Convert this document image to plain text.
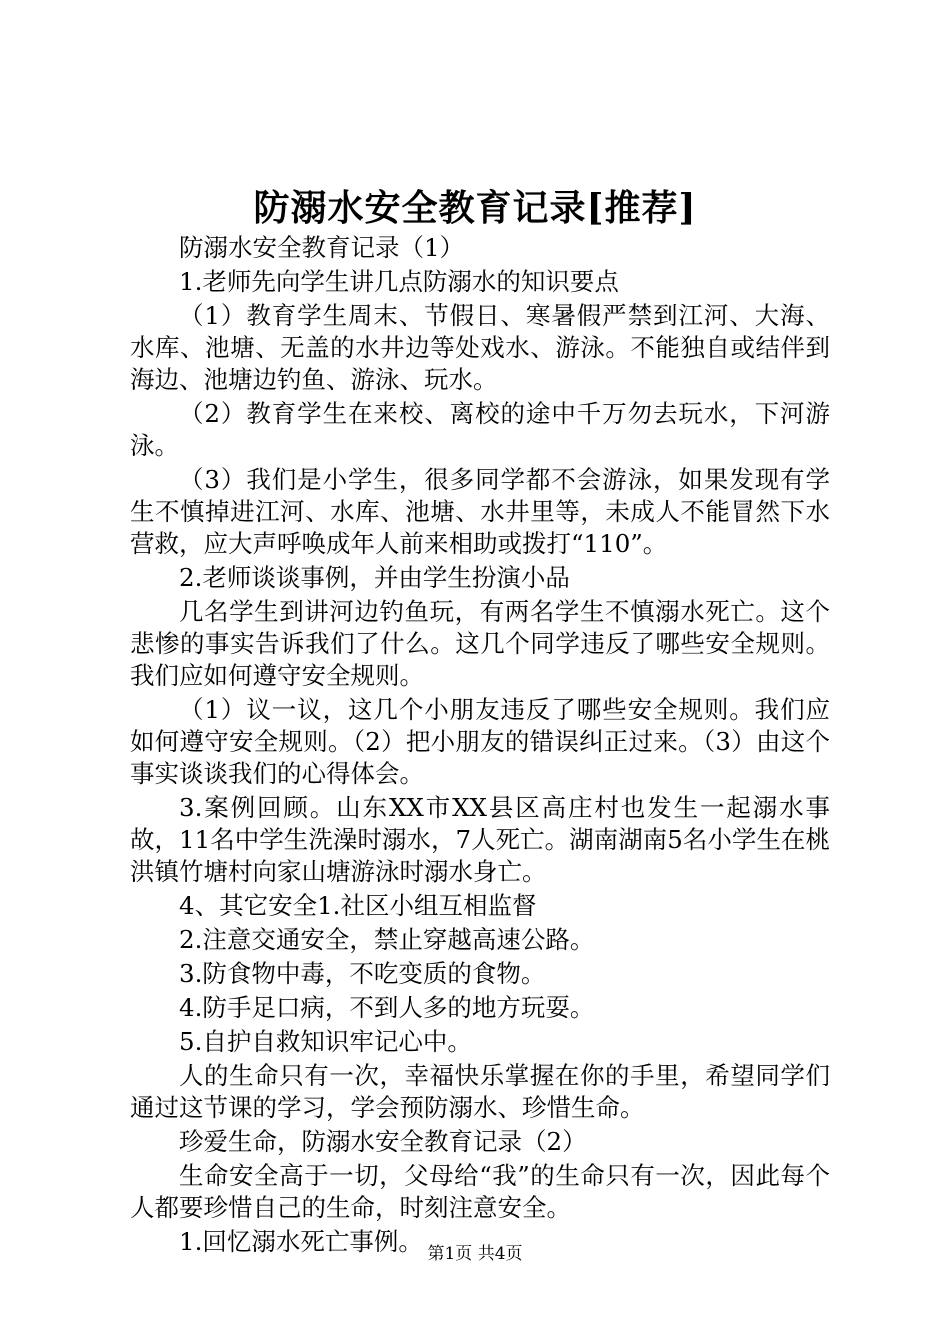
防溺水安全教育记录[推荐]

防溺水安全教育记录（1）

1.老师先向学生讲几点防溺水的知识要点

（1）教育学生周末、节假日、寒暑假严禁到江河、大海、水库、池塘、无盖的水井边等处戏水、游泳。不能独自或结伴到海边、池塘边钓鱼、游泳、玩水。

（2）教育学生在来校、离校的途中千万勿去玩水，下河游泳。

（3）我们是小学生，很多同学都不会游泳，如果发现有学生不慎掉进江河、水库、池塘、水井里等，未成人不能冒然下水营救，应大声呼唤成年人前来相助或拨打“110”。

2.老师谈谈事例，并由学生扮演小品

几名学生到讲河边钓鱼玩，有两名学生不慎溺水死亡。这个悲惨的事实告诉我们了什么。这几个同学违反了哪些安全规则。我们应如何遵守安全规则。

（1）议一议，这几个小朋友违反了哪些安全规则。我们应如何遵守安全规则。（2）把小朋友的错误纠正过来。（3）由这个事实谈谈我们的心得体会。

3.案例回顾。山东XX市XX县区高庄村也发生一起溺水事故，11名中学生洗澡时溺水，7人死亡。湖南湖南5名小学生在桃洪镇竹塘村向家山塘游泳时溺水身亡。

4、其它安全1.社区小组互相监督

2.注意交通安全，禁止穿越高速公路。

3.防食物中毒，不吃变质的食物。

4.防手足口病，不到人多的地方玩耍。

5.自护自救知识牢记心中。

人的生命只有一次，幸福快乐掌握在你的手里，希望同学们通过这节课的学习，学会预防溺水、珍惜生命。

珍爱生命，防溺水安全教育记录（2）

生命安全高于一切，父母给“我”的生命只有一次，因此每个人都要珍惜自己的生命，时刻注意安全。

1.回忆溺水死亡事例。 第1页 共4页
